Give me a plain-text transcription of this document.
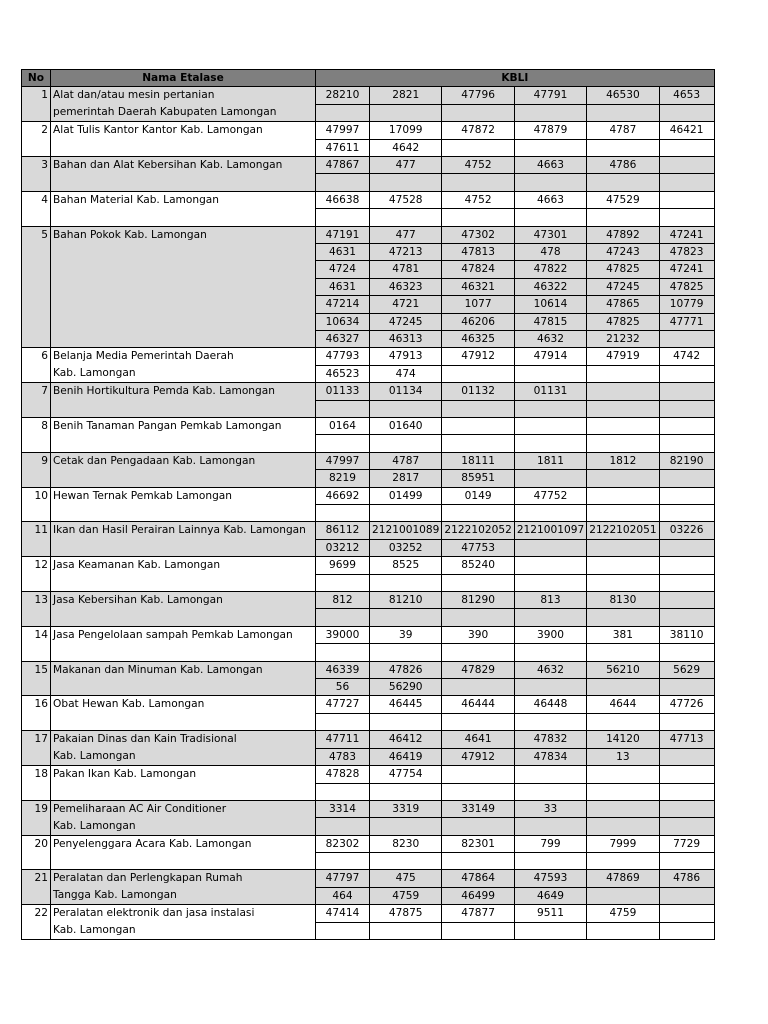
No	Nama Etalase	KBLI					
1	Alat dan/atau mesin pertanian	28210	2821	47796	47791	46530	4653
	pemerintah Daerah Kabupaten Lamongan						
2	Alat Tulis Kantor Kantor Kab. Lamongan	47997	17099	47872	47879	4787	46421
		47611	4642				
3	Bahan dan Alat Kebersihan Kab. Lamongan	47867	477	4752	4663	4786	

4	Bahan Material Kab. Lamongan	46638	47528	4752	4663	47529	

5	Bahan Pokok Kab. Lamongan	47191	477	47302	47301	47892	47241
		4631	47213	47813	478	47243	47823
		4724	4781	47824	47822	47825	47241
		4631	46323	46321	46322	47245	47825
		47214	4721	1077	10614	47865	10779
		10634	47245	46206	47815	47825	47771
		46327	46313	46325	4632	21232	
6	Belanja Media Pemerintah Daerah	47793	47913	47912	47914	47919	4742
	Kab. Lamongan	46523	474				
7	Benih Hortikultura Pemda Kab. Lamongan	01133	01134	01132	01131		

8	Benih Tanaman Pangan Pemkab Lamongan	0164	01640				

9	Cetak dan Pengadaan Kab. Lamongan	47997	4787	18111	1811	1812	82190
		8219	2817	85951			
10	Hewan Ternak Pemkab Lamongan	46692	01499	0149	47752		

11	Ikan dan Hasil Perairan Lainnya Kab. Lamongan	86112	2121001089	2122102052	2121001097	2122102051	03226
		03212	03252	47753			
12	Jasa Keamanan Kab. Lamongan	9699	8525	85240			

13	Jasa Kebersihan Kab. Lamongan	812	81210	81290	813	8130	

14	Jasa Pengelolaan sampah Pemkab Lamongan	39000	39	390	3900	381	38110

15	Makanan dan Minuman Kab. Lamongan	46339	47826	47829	4632	56210	5629
		56	56290				
16	Obat Hewan Kab. Lamongan	47727	46445	46444	46448	4644	47726

17	Pakaian Dinas dan Kain Tradisional	47711	46412	4641	47832	14120	47713
	Kab. Lamongan	4783	46419	47912	47834	13	
18	Pakan Ikan Kab. Lamongan	47828	47754				

19	Pemeliharaan AC Air Conditioner	3314	3319	33149	33		
	Kab. Lamongan						
20	Penyelenggara Acara Kab. Lamongan	82302	8230	82301	799	7999	7729

21	Peralatan dan Perlengkapan Rumah	47797	475	47864	47593	47869	4786
	Tangga Kab. Lamongan	464	4759	46499	4649		
22	Peralatan elektronik dan jasa instalasi	47414	47875	47877	9511	4759	
	Kab. Lamongan						
